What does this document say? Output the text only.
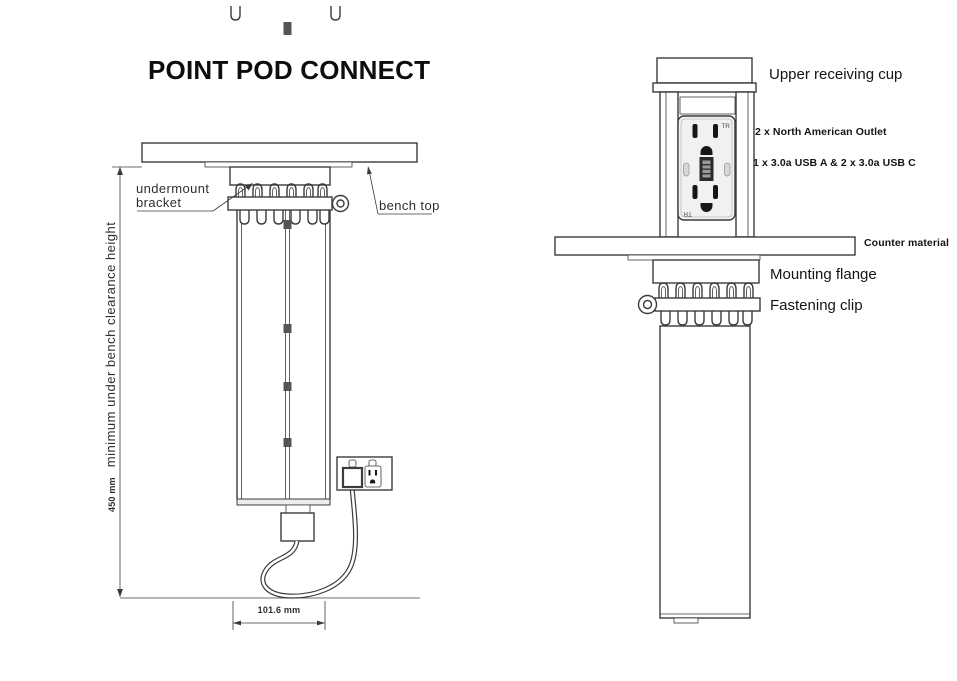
TR
TR
POINT POD CONNECT
undermount
bracket	bench top
450 mm
minimum under bench clearance height
101.6 mm
Upper receiving cup
2 x North American Outlet
1 x 3.0a USB A & 2 x 3.0a USB C
Counter material
Mounting flange
Fastening clip
